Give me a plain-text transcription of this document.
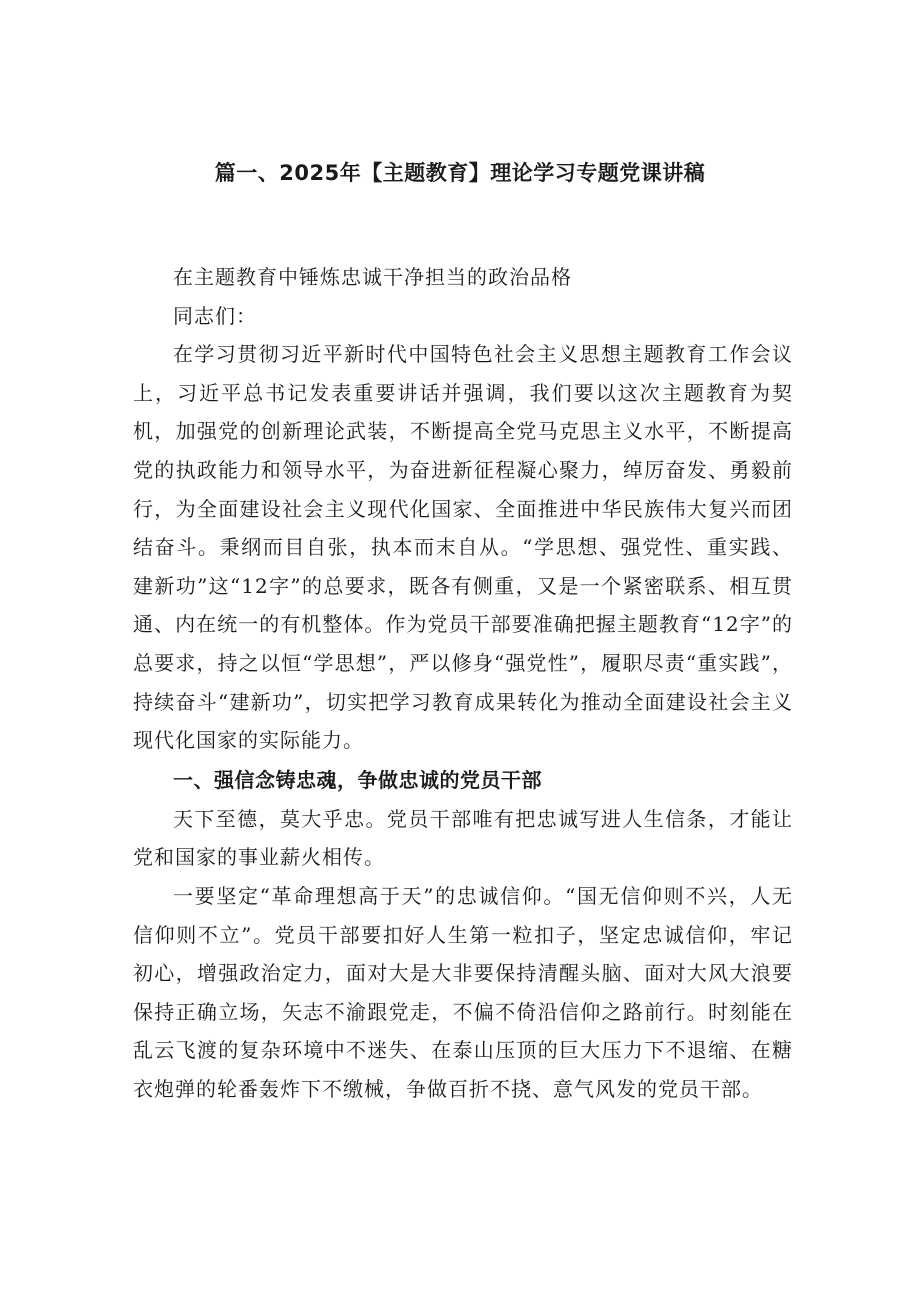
篇一、2025年【主题教育】理论学习专题党课讲稿

在主题教育中锤炼忠诚干净担当的政治品格

同志们：

在学习贯彻习近平新时代中国特色社会主义思想主题教育工作会议上，习近平总书记发表重要讲话并强调，我们要以这次主题教育为契机，加强党的创新理论武装，不断提高全党马克思主义水平，不断提高党的执政能力和领导水平，为奋进新征程凝心聚力，绰厉奋发、勇毅前行，为全面建设社会主义现代化国家、全面推进中华民族伟大复兴而团结奋斗。秉纲而目自张，执本而末自从。“学思想、强党性、重实践、建新功”这“12字”的总要求，既各有侧重，又是一个紧密联系、相互贯通、内在统一的有机整体。作为党员干部要准确把握主题教育“12字”的总要求，持之以恒“学思想”，严以修身“强党性”，履职尽责“重实践”，持续奋斗“建新功”，切实把学习教育成果转化为推动全面建设社会主义现代化国家的实际能力。

一、强信念铸忠魂，争做忠诚的党员干部

天下至德，莫大乎忠。党员干部唯有把忠诚写进人生信条，才能让党和国家的事业薪火相传。

一要坚定“革命理想高于天”的忠诚信仰。“国无信仰则不兴，人无信仰则不立”。党员干部要扣好人生第一粒扣子，坚定忠诚信仰，牢记初心，增强政治定力，面对大是大非要保持清醒头脑、面对大风大浪要保持正确立场，矢志不渝跟党走，不偏不倚沿信仰之路前行。时刻能在乱云飞渡的复杂环境中不迷失、在泰山压顶的巨大压力下不退缩、在糖衣炮弹的轮番轰炸下不缴械，争做百折不挠、意气风发的党员干部。
